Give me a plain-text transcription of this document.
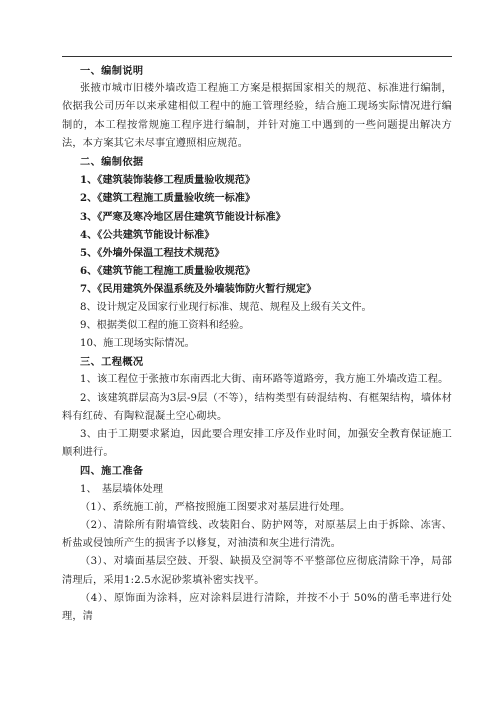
一、编制说明

张掖市城市旧楼外墙改造工程施工方案是根据国家相关的规范、标准进行编制，依据我公司历年以来承建相似工程中的施工管理经验，结合施工现场实际情况进行编制的，本工程按常规施工程序进行编制，并针对施工中遇到的一些问题提出解决方法，本方案其它未尽事宜遵照相应规范。

二、编制依据

1、《建筑装饰装修工程质量验收规范》

2、《建筑工程施工质量验收统一标准》

3、《严寒及寒冷地区居住建筑节能设计标准》

4、《公共建筑节能设计标准》

5、《外墙外保温工程技术规范》

6、《建筑节能工程施工质量验收规范》

7、《民用建筑外保温系统及外墙装饰防火暂行规定》

8、设计规定及国家行业现行标准、规范、规程及上级有关文件。

9、根据类似工程的施工资料和经验。

10、施工现场实际情况。

三、工程概况

1、该工程位于张掖市东南西北大街、南环路等道路旁，我方施工外墙改造工程。

2、该建筑群层高为3层-9层（不等），结构类型有砖混结构、有框架结构，墙体材料有红砖、有陶粒混凝土空心砌块。

3、由于工期要求紧迫，因此要合理安排工序及作业时间，加强安全教育保证施工顺利进行。

四、施工准备

1、　基层墙体处理

（1）、系统施工前，严格按照施工图要求对基层进行处理。

（2）、清除所有附墙管线、改装阳台、防护网等，对原基层上由于拆除、冻害、析盐或侵蚀所产生的损害予以修复，对油渍和灰尘进行清洗。

（3）、对墙面基层空鼓、开裂、缺损及空洞等不平整部位应彻底清除干净，局部清理后，采用1:2.5水泥砂浆填补密实找平。

（4）、原饰面为涂料，应对涂料层进行清除，并按不小于 50%的凿毛率进行处理，清
